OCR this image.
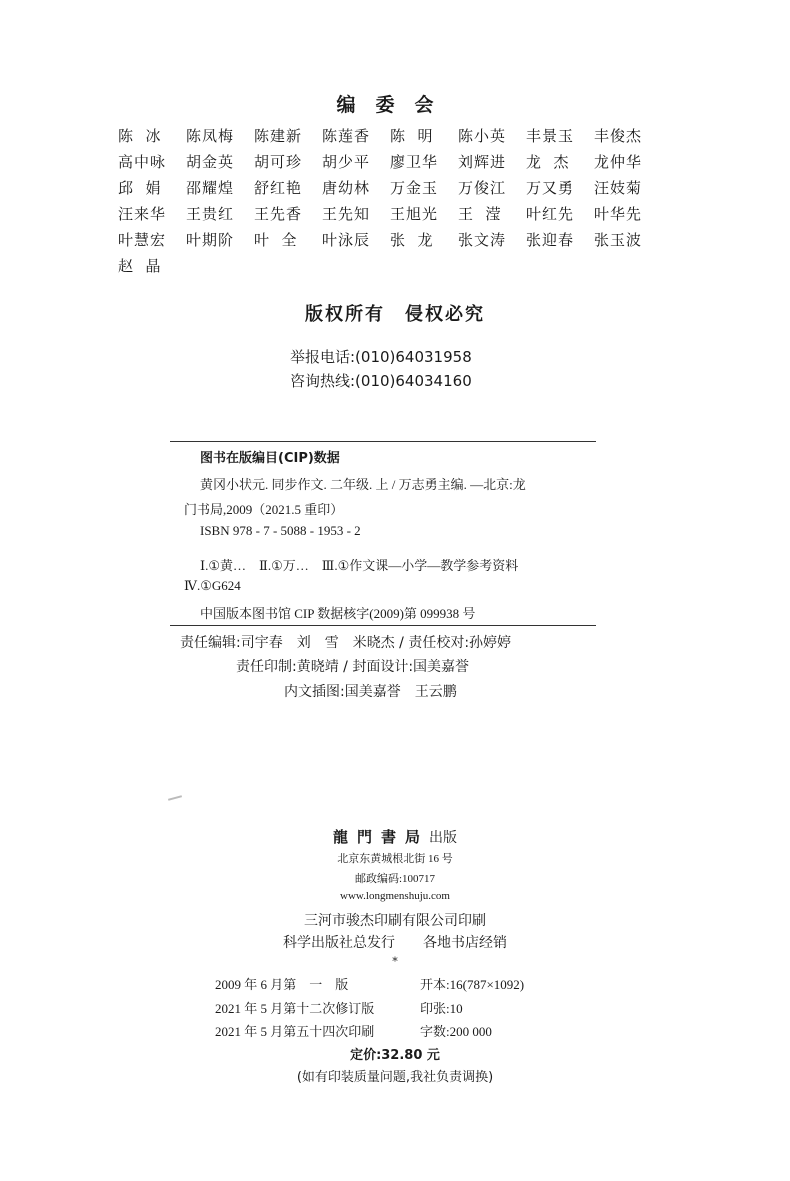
编委会
陈  冰	陈凤梅	陈建新	陈莲香	陈  明	陈小英	丰景玉	丰俊杰
高中咏	胡金英	胡可珍	胡少平	廖卫华	刘辉进	龙  杰	龙仲华
邱  娟	邵耀煌	舒红艳	唐幼林	万金玉	万俊江	万又勇	汪妓菊
汪来华	王贵红	王先香	王先知	王旭光	王  滢	叶红先	叶华先
叶慧宏	叶期阶	叶  全	叶泳辰	张  龙	张文涛	张迎春	张玉波
赵  晶
版权所有　侵权必究
举报电话:(010)64031958
咨询热线:(010)64034160
图书在版编目(CIP)数据
黄冈小状元. 同步作文. 二年级. 上 / 万志勇主编. —北京:龙
门书局,2009（2021.5 重印）
ISBN 978 - 7 - 5088 - 1953 - 2
Ⅰ.①黄…　Ⅱ.①万…　Ⅲ.①作文课—小学—教学参考资料
Ⅳ.①G624
中国版本图书馆 CIP 数据核字(2009)第 099938 号
责任编辑:司宇春　刘　雪　米晓杰 / 责任校对:孙婷婷
责任印制:黄晓靖 / 封面设计:国美嘉誉
内文插图:国美嘉誉　王云鹏
龍門書局出版
北京东黄城根北街 16 号
邮政编码:100717
www.longmenshuju.com
三河市骏杰印刷有限公司印刷
科学出版社总发行　　各地书店经销
*
2009 年 6 月第　一　版	开本:16(787×1092)
2021 年 5 月第十二次修订版	印张:10
2021 年 5 月第五十四次印刷	字数:200 000
定价:32.80 元
(如有印装质量问题,我社负责调换)
